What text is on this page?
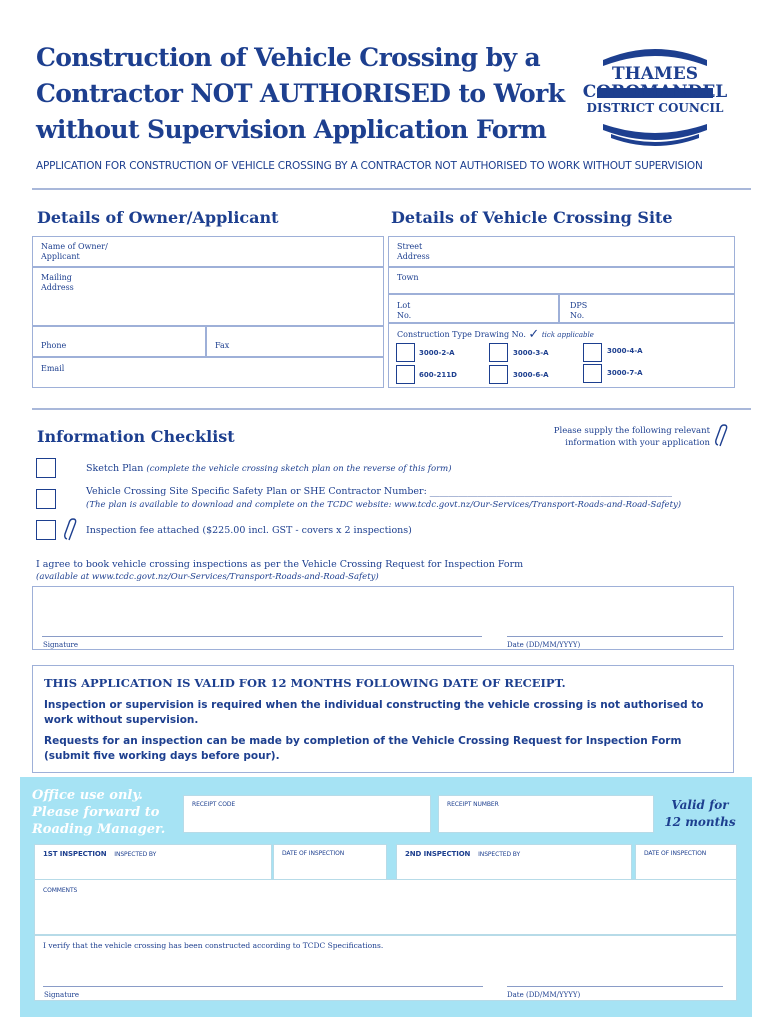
Construction of Vehicle Crossing by a
Contractor NOT AUTHORISED to Work
without Supervision Application Form
THAMES
COROMANDEL
DISTRICT COUNCIL
APPLICATION FOR CONSTRUCTION OF VEHICLE CROSSING BY A CONTRACTOR NOT AUTHORISED TO WORK WITHOUT SUPERVISION
Details of Owner/Applicant
Name of Owner/
Applicant
Mailing
Address
Phone	Fax
Email
Details of Vehicle Crossing Site
Street
Address
Town
Lot
No.
DPS
No.
Construction Type Drawing No. ✓ tick applicable
3000-2-A	3000-3-A	3000-4-A
600-211D	3000-6-A	3000-7-A
Information Checklist	Please supply the following relevant
information with your application
Sketch Plan (complete the vehicle crossing sketch plan on the reverse of this form)
Vehicle Crossing Site Specific Safety Plan or SHE Contractor Number: ___________________________________________________
(The plan is available to download and complete on the TCDC website: www.tcdc.govt.nz/Our-Services/Transport-Roads-and-Road-Safety)
Inspection fee attached ($225.00 incl. GST - covers x 2 inspections)
I agree to book vehicle crossing inspections as per the Vehicle Crossing Request for Inspection Form
(available at www.tcdc.govt.nz/Our-Services/Transport-Roads-and-Road-Safety)
Signature	Date (DD/MM/YYYY)
THIS APPLICATION IS VALID FOR 12 MONTHS FOLLOWING DATE OF RECEIPT.
Inspection or supervision is required when the individual constructing the vehicle crossing is not authorised to
work without supervision.
Requests for an inspection can be made by completion of the Vehicle Crossing Request for Inspection Form
(submit five working days before pour).
Office use only.
Please forward to
Roading Manager.
RECEIPT CODE	RECEIPT NUMBER	Valid for
12 months
1ST INSPECTION INSPECTED BY	DATE OF INSPECTION	2ND INSPECTION INSPECTED BY	DATE OF INSPECTION
COMMENTS
I verify that the vehicle crossing has been constructed according to TCDC Specifications.
Signature	Date (DD/MM/YYYY)
